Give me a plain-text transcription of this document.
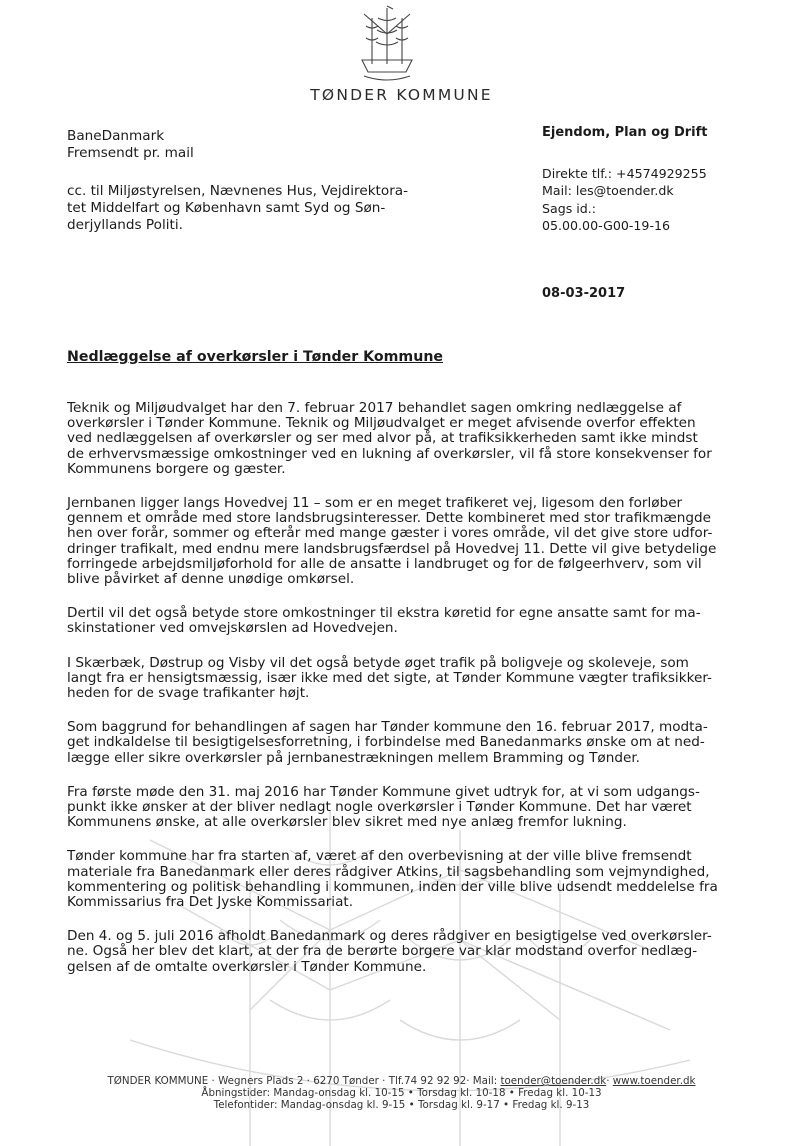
TØNDER KOMMUNE

BaneDanmark

Fremsendt pr. mail

cc. til Miljøstyrelsen, Nævnenes Hus, Vejdirektora-

tet Middelfart og København samt Syd og Søn-

derjyllands Politi.

Ejendom, Plan og Drift
Direkte tlf.: +4574929255
Mail: les@toender.dk
Sags id.:
05.00.00-G00-19-16
08-03-2017
Nedlæggelse af overkørsler i Tønder Kommune

Teknik og Miljøudvalget har den 7. februar 2017 behandlet sagen omkring nedlæggelse af
overkørsler i Tønder Kommune. Teknik og Miljøudvalget er meget afvisende overfor effekten
ved nedlæggelsen af overkørsler og ser med alvor på, at trafiksikkerheden samt ikke mindst
de erhvervsmæssige omkostninger ved en lukning af overkørsler, vil få store konsekvenser for
Kommunens borgere og gæster.

Jernbanen ligger langs Hovedvej 11 – som er en meget trafikeret vej, ligesom den forløber
gennem et område med store landsbrugsinteresser. Dette kombineret med stor trafikmængde
hen over forår, sommer og efterår med mange gæster i vores område, vil det give store udfor-
dringer trafikalt, med endnu mere landsbrugsfærdsel på Hovedvej 11. Dette vil give betydelige
forringede arbejdsmiljøforhold for alle de ansatte i landbruget og for de følgeerhverv, som vil
blive påvirket af denne unødige omkørsel.

Dertil vil det også betyde store omkostninger til ekstra køretid for egne ansatte samt for ma-
skinstationer ved omvejskørslen ad Hovedvejen.

I Skærbæk, Døstrup og Visby vil det også betyde øget trafik på boligveje og skoleveje, som
langt fra er hensigtsmæssig, især ikke med det sigte, at Tønder Kommune vægter trafiksikker-
heden for de svage trafikanter højt.

Som baggrund for behandlingen af sagen har Tønder kommune den 16. februar 2017, modta-
get indkaldelse til besigtigelsesforretning, i forbindelse med Banedanmarks ønske om at ned-
lægge eller sikre overkørsler på jernbanestrækningen mellem Bramming og Tønder.

Fra første møde den 31. maj 2016 har Tønder Kommune givet udtryk for, at vi som udgangs-
punkt ikke ønsker at der bliver nedlagt nogle overkørsler i Tønder Kommune. Det har været
Kommunens ønske, at alle overkørsler blev sikret med nye anlæg fremfor lukning.

Tønder kommune har fra starten af, været af den overbevisning at der ville blive fremsendt
materiale fra Banedanmark eller deres rådgiver Atkins, til sagsbehandling som vejmyndighed,
kommentering og politisk behandling i kommunen, inden der ville blive udsendt meddelelse fra
Kommissarius fra Det Jyske Kommissariat.

Den 4. og 5. juli 2016 afholdt Banedanmark og deres rådgiver en besigtigelse ved overkørsler-
ne. Også her blev det klart, at der fra de berørte borgere var klar modstand overfor nedlæg-
gelsen af de omtalte overkørsler i Tønder Kommune.

TØNDER KOMMUNE · Wegners Plads 2 · 6270 Tønder · Tlf.74 92 92 92· Mail: toender@toender.dk· www.toender.dk
Åbningstider: Mandag-onsdag kl. 10-15 • Torsdag kl. 10-18 • Fredag kl. 10-13
Telefontider: Mandag-onsdag kl. 9-15 • Torsdag kl. 9-17 • Fredag kl. 9-13
